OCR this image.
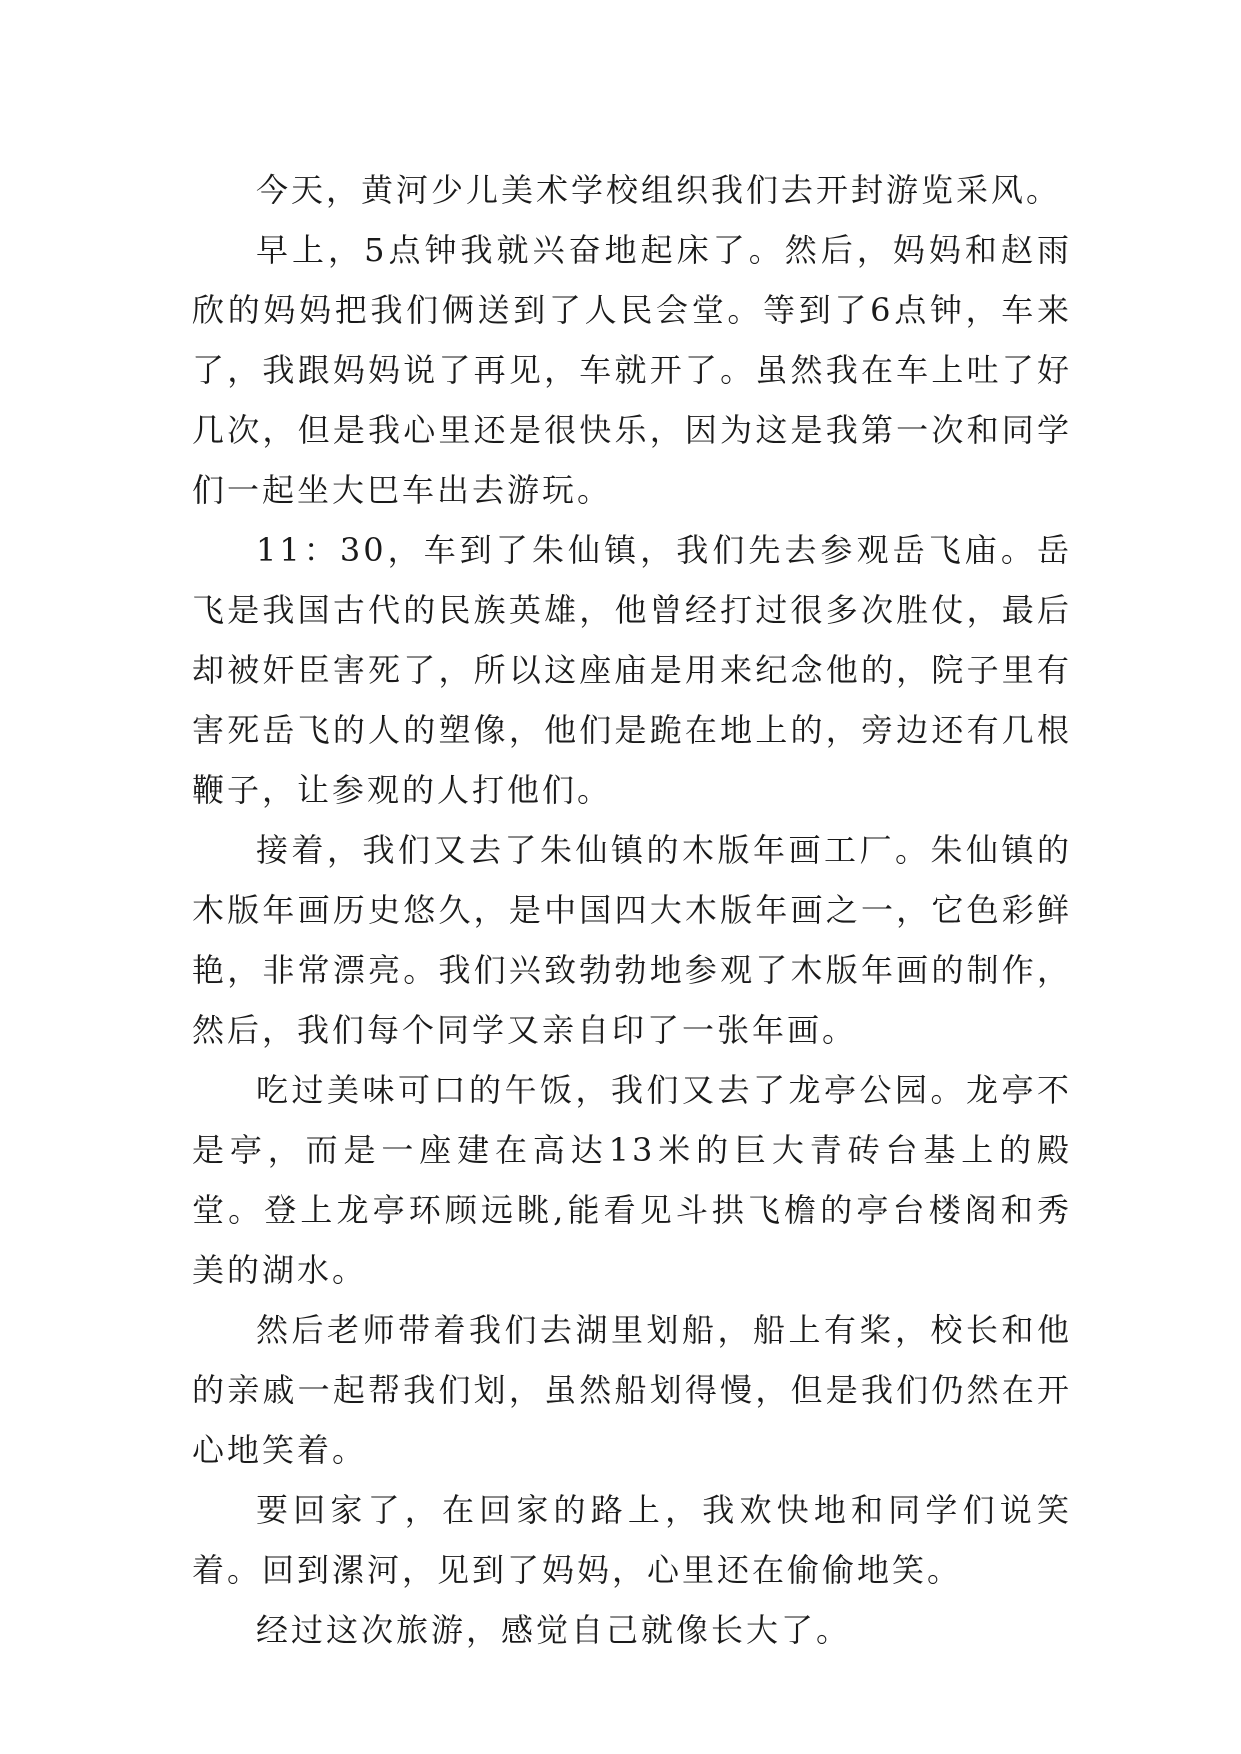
今天，黄河少儿美术学校组织我们去开封游览采风。

早上，5点钟我就兴奋地起床了。然后，妈妈和赵雨欣的妈妈把我们俩送到了人民会堂。等到了6点钟，车来了，我跟妈妈说了再见，车就开了。虽然我在车上吐了好几次，但是我心里还是很快乐，因为这是我第一次和同学们一起坐大巴车出去游玩。

11：30，车到了朱仙镇，我们先去参观岳飞庙。岳飞是我国古代的民族英雄，他曾经打过很多次胜仗，最后却被奸臣害死了，所以这座庙是用来纪念他的，院子里有害死岳飞的人的塑像，他们是跪在地上的，旁边还有几根鞭子，让参观的人打他们。

接着，我们又去了朱仙镇的木版年画工厂。朱仙镇的木版年画历史悠久，是中国四大木版年画之一，它色彩鲜艳，非常漂亮。我们兴致勃勃地参观了木版年画的制作，然后，我们每个同学又亲自印了一张年画。

吃过美味可口的午饭，我们又去了龙亭公园。龙亭不是亭，而是一座建在高达13米的巨大青砖台基上的殿堂。登上龙亭环顾远眺,能看见斗拱飞檐的亭台楼阁和秀美的湖水。

然后老师带着我们去湖里划船，船上有桨，校长和他的亲戚一起帮我们划，虽然船划得慢，但是我们仍然在开心地笑着。

要回家了，在回家的路上，我欢快地和同学们说笑着。回到漯河，见到了妈妈，心里还在偷偷地笑。

经过这次旅游，感觉自己就像长大了。
